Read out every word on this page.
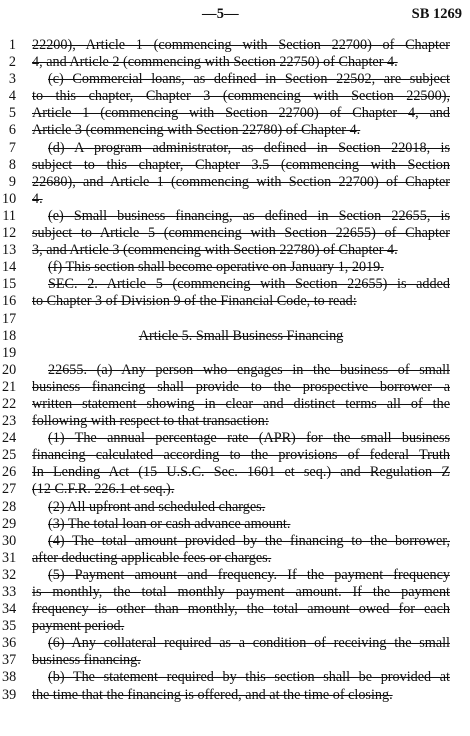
—5—	SB 1269
1 22200), Article 1 (commencing with Section 22700) of Chapter
2 4, and Article 2 (commencing with Section 22750) of Chapter 4.
3 (c) Commercial loans, as defined in Section 22502, are subject
4 to this chapter, Chapter 3 (commencing with Section 22500),
5 Article 1 (commencing with Section 22700) of Chapter 4, and
6 Article 3 (commencing with Section 22780) of Chapter 4.
7 (d) A program administrator, as defined in Section 22018, is
8 subject to this chapter, Chapter 3.5 (commencing with Section
9 22680), and Article 1 (commencing with Section 22700) of Chapter
10 4.
11 (e) Small business financing, as defined in Section 22655, is
12 subject to Article 5 (commencing with Section 22655) of Chapter
13 3, and Article 3 (commencing with Section 22780) of Chapter 4.
14 (f) This section shall become operative on January 1, 2019.
15 SEC. 2. Article 5 (commencing with Section 22655) is added
16 to Chapter 3 of Division 9 of the Financial Code, to read:
17
18	Article 5. Small Business Financing
19
20 22655. (a) Any person who engages in the business of small
21 business financing shall provide to the prospective borrower a
22 written statement showing in clear and distinct terms all of the
23 following with respect to that transaction:
24 (1) The annual percentage rate (APR) for the small business
25 financing calculated according to the provisions of federal Truth
26 In Lending Act (15 U.S.C. Sec. 1601 et seq.) and Regulation Z
27 (12 C.F.R. 226.1 et seq.).
28 (2) All upfront and scheduled charges.
29 (3) The total loan or cash advance amount.
30 (4) The total amount provided by the financing to the borrower,
31 after deducting applicable fees or charges.
32 (5) Payment amount and frequency. If the payment frequency
33 is monthly, the total monthly payment amount. If the payment
34 frequency is other than monthly, the total amount owed for each
35 payment period.
36 (6) Any collateral required as a condition of receiving the small
37 business financing.
38 (b) The statement required by this section shall be provided at
39 the time that the financing is offered, and at the time of closing.
